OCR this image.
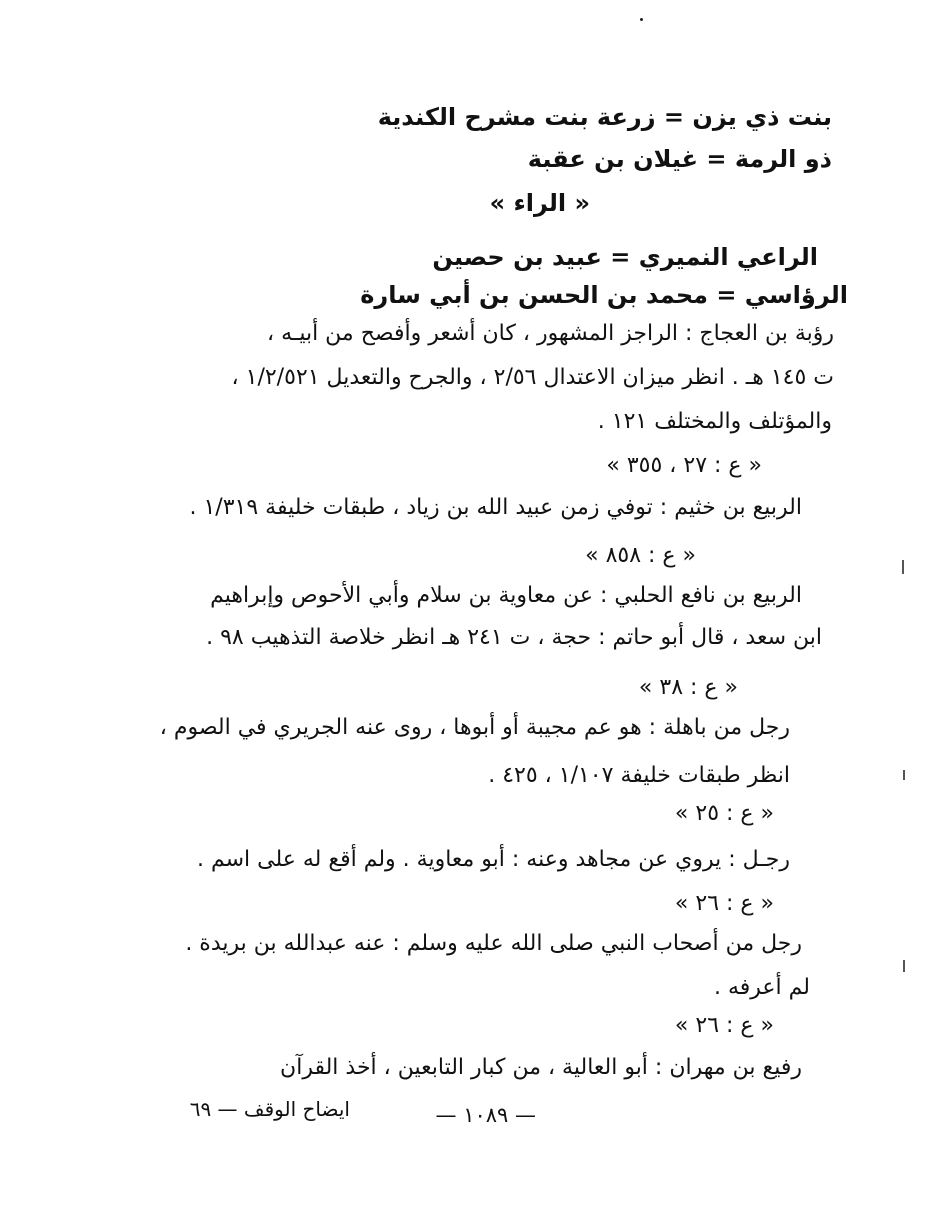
بنت ذي يزن = زرعة بنت مشرح الكندية
ذو الرمة = غيلان بن عقبة
« الراء »
الراعي النميري = عبيد بن حصين
الرؤاسي = محمد بن الحسن بن أبي سارة
رؤبة بن العجاج : الراجز المشهور ، كان أشعر وأفصح من أبيـه ،
ت ١٤٥ هـ . انظر ميزان الاعتدال ٢/٥٦ ، والجرح والتعديل ١/٢/٥٢١ ،
والمؤتلف والمختلف ١٢١ .
« ع : ٢٧ ، ٣٥٥ »
الربيع بن خثيم : توفي زمن عبيد الله بن زياد ، طبقات خليفة ١/٣١٩ .
« ع : ٨٥٨ »
الربيع بن نافع الحلبي : عن معاوية بن سلام وأبي الأحوص وإبراهيم
ابن سعد ، قال أبو حاتم : حجة ، ت ٢٤١ هـ انظر خلاصة التذهيب ٩٨ .
« ع : ٣٨ »
رجل من باهلة : هو عم مجيبة أو أبوها ، روى عنه الجريري في الصوم ،
انظر طبقات خليفة ١/١٠٧ ، ٤٢٥ .
« ع : ٢٥ »
رجـل : يروي عن مجاهد وعنه : أبو معاوية . ولم أقع له على اسم .
« ع : ٢٦ »
رجل من أصحاب النبي صلى الله عليه وسلم : عنه عبدالله بن بريدة .
لم أعرفه .
« ع : ٢٦ »
رفيع بن مهران : أبو العالية ، من كبار التابعين ، أخذ القرآن
— ١٠٨٩ —
ايضاح الوقف — ٦٩
